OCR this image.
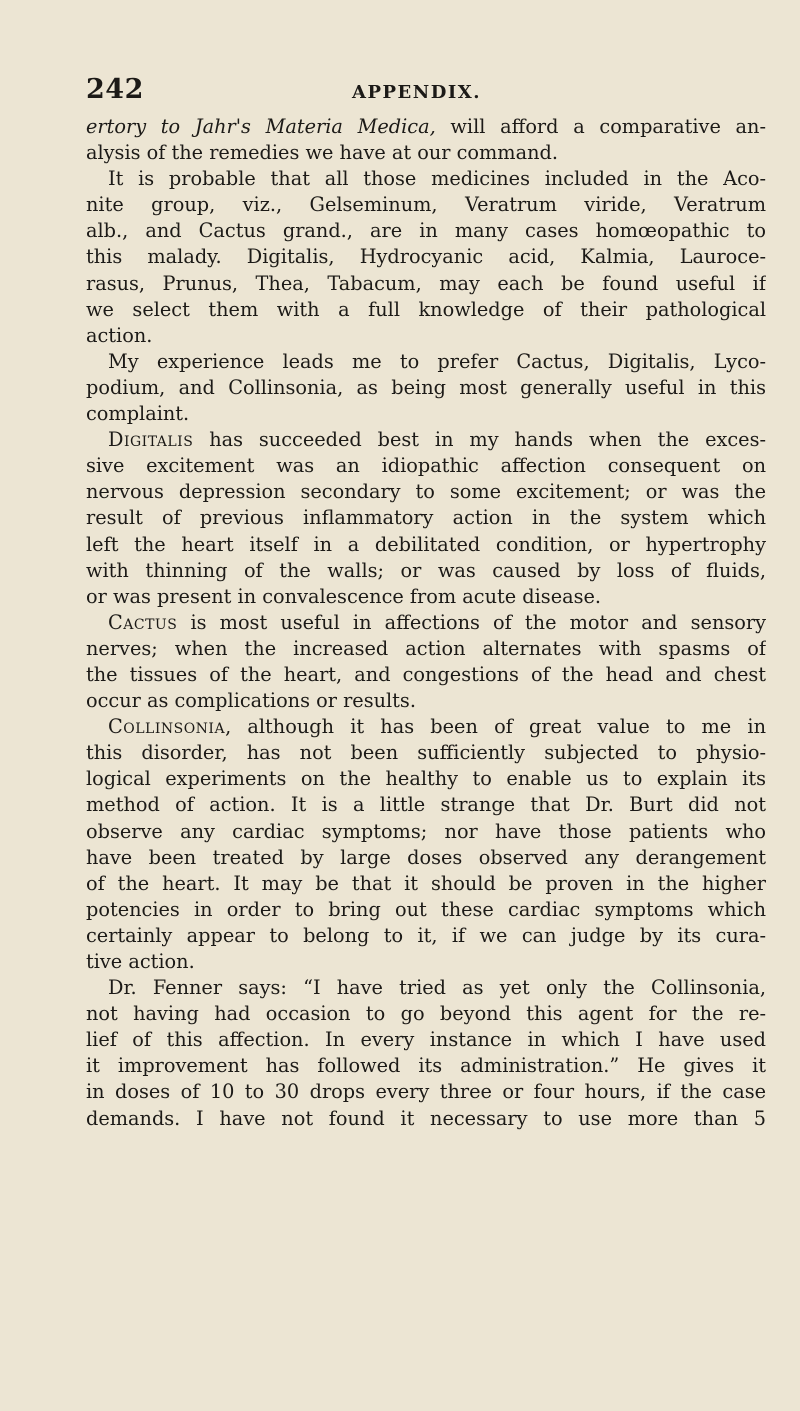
242	APPENDIX.
ertory to Jahr's Materia Medica, will afford a comparative an-
alysis of the remedies we have at our command.
It is probable that all those medicines included in the Aco-
nite group, viz., Gelseminum, Veratrum viride, Veratrum
alb., and Cactus grand., are in many cases homœopathic to
this malady. Digitalis, Hydrocyanic acid, Kalmia, Lauroce-
rasus, Prunus, Thea, Tabacum, may each be found useful if
we select them with a full knowledge of their pathological
action.
My experience leads me to prefer Cactus, Digitalis, Lyco-
podium, and Collinsonia, as being most generally useful in this
complaint.
Digitalis has succeeded best in my hands when the exces-
sive excitement was an idiopathic affection consequent on
nervous depression secondary to some excitement; or was the
result of previous inflammatory action in the system which
left the heart itself in a debilitated condition, or hypertrophy
with thinning of the walls; or was caused by loss of fluids,
or was present in convalescence from acute disease.
Cactus is most useful in affections of the motor and sensory
nerves; when the increased action alternates with spasms of
the tissues of the heart, and congestions of the head and chest
occur as complications or results.
Collinsonia, although it has been of great value to me in
this disorder, has not been sufficiently subjected to physio-
logical experiments on the healthy to enable us to explain its
method of action. It is a little strange that Dr. Burt did not
observe any cardiac symptoms; nor have those patients who
have been treated by large doses observed any derangement
of the heart. It may be that it should be proven in the higher
potencies in order to bring out these cardiac symptoms which
certainly appear to belong to it, if we can judge by its cura-
tive action.
Dr. Fenner says: “I have tried as yet only the Collinsonia,
not having had occasion to go beyond this agent for the re-
lief of this affection. In every instance in which I have used
it improvement has followed its administration.” He gives it
in doses of 10 to 30 drops every three or four hours, if the case
demands. I have not found it necessary to use more than 5
